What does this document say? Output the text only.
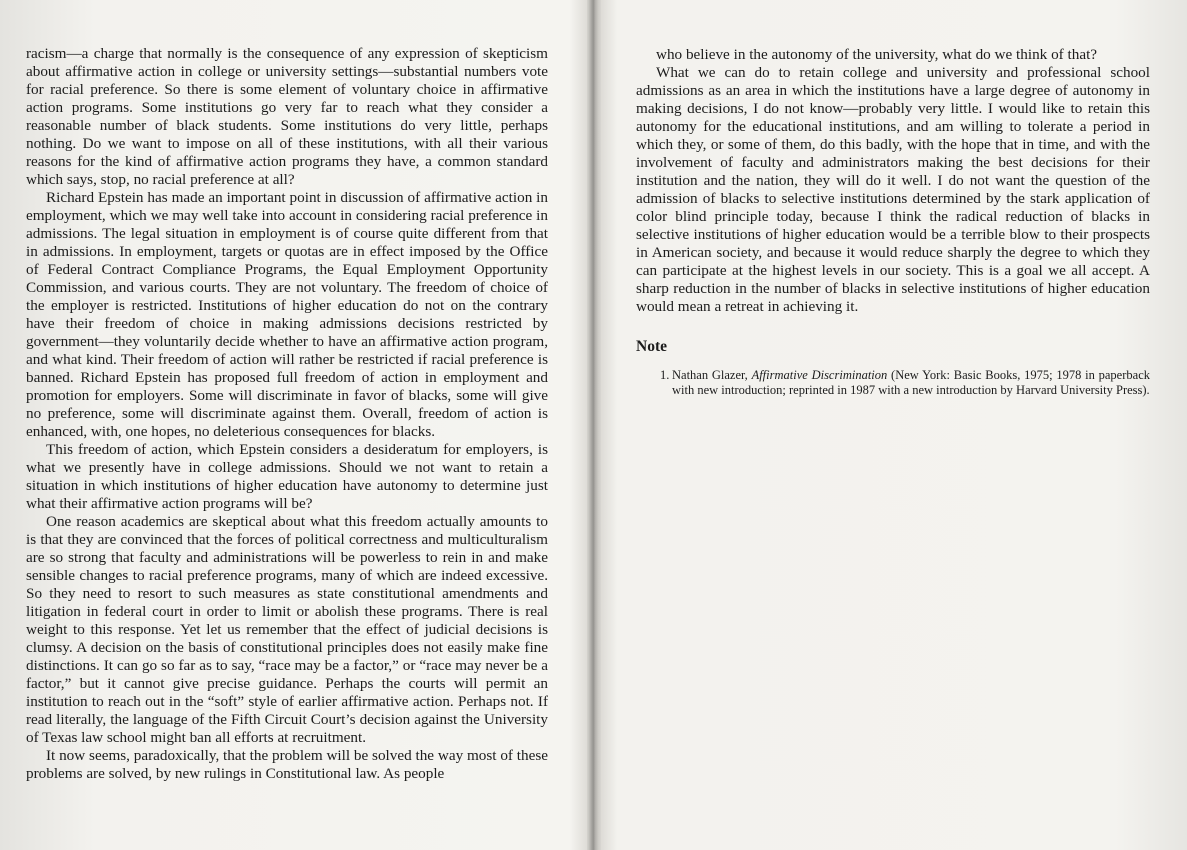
racism—a charge that normally is the consequence of any expression of skepticism about affirmative action in college or university settings—substantial numbers vote for racial preference. So there is some element of voluntary choice in affirmative action programs. Some institutions go very far to reach what they consider a reasonable number of black students. Some institutions do very little, perhaps nothing. Do we want to impose on all of these institutions, with all their various reasons for the kind of affirmative action programs they have, a common standard which says, stop, no racial preference at all?

Richard Epstein has made an important point in discussion of affirmative action in employment, which we may well take into account in considering racial preference in admissions. The legal situation in employment is of course quite different from that in admissions. In employment, targets or quotas are in effect imposed by the Office of Federal Contract Compliance Programs, the Equal Employment Opportunity Commission, and various courts. They are not voluntary. The freedom of choice of the employer is restricted. Institutions of higher education do not on the contrary have their freedom of choice in making admissions decisions restricted by government—they voluntarily decide whether to have an affirmative action program, and what kind. Their freedom of action will rather be restricted if racial preference is banned. Richard Epstein has proposed full freedom of action in employment and promotion for employers. Some will discriminate in favor of blacks, some will give no preference, some will discriminate against them. Overall, freedom of action is enhanced, with, one hopes, no deleterious consequences for blacks.

This freedom of action, which Epstein considers a desideratum for employers, is what we presently have in college admissions. Should we not want to retain a situation in which institutions of higher education have autonomy to determine just what their affirmative action programs will be?

One reason academics are skeptical about what this freedom actually amounts to is that they are convinced that the forces of political correctness and multiculturalism are so strong that faculty and administrations will be powerless to rein in and make sensible changes to racial preference programs, many of which are indeed excessive. So they need to resort to such measures as state constitutional amendments and litigation in federal court in order to limit or abolish these programs. There is real weight to this response. Yet let us remember that the effect of judicial decisions is clumsy. A decision on the basis of constitutional principles does not easily make fine distinctions. It can go so far as to say, “race may be a factor,” or “race may never be a factor,” but it cannot give precise guidance. Perhaps the courts will permit an institution to reach out in the “soft” style of earlier affirmative action. Perhaps not. If read literally, the language of the Fifth Circuit Court’s decision against the University of Texas law school might ban all efforts at recruitment.

It now seems, paradoxically, that the problem will be solved the way most of these problems are solved, by new rulings in Constitutional law. As people

who believe in the autonomy of the university, what do we think of that?

What we can do to retain college and university and professional school admissions as an area in which the institutions have a large degree of autonomy in making decisions, I do not know—probably very little. I would like to retain this autonomy for the educational institutions, and am willing to tolerate a period in which they, or some of them, do this badly, with the hope that in time, and with the involvement of faculty and administrators making the best decisions for their institution and the nation, they will do it well. I do not want the question of the admission of blacks to selective institutions determined by the stark application of color blind principle today, because I think the radical reduction of blacks in selective institutions of higher education would be a terrible blow to their prospects in American society, and because it would reduce sharply the degree to which they can participate at the highest levels in our society. This is a goal we all accept. A sharp reduction in the number of blacks in selective institutions of higher education would mean a retreat in achieving it.

Note
1. Nathan Glazer, Affirmative Discrimination (New York: Basic Books, 1975; 1978 in paperback with new introduction; reprinted in 1987 with a new introduction by Harvard University Press).
